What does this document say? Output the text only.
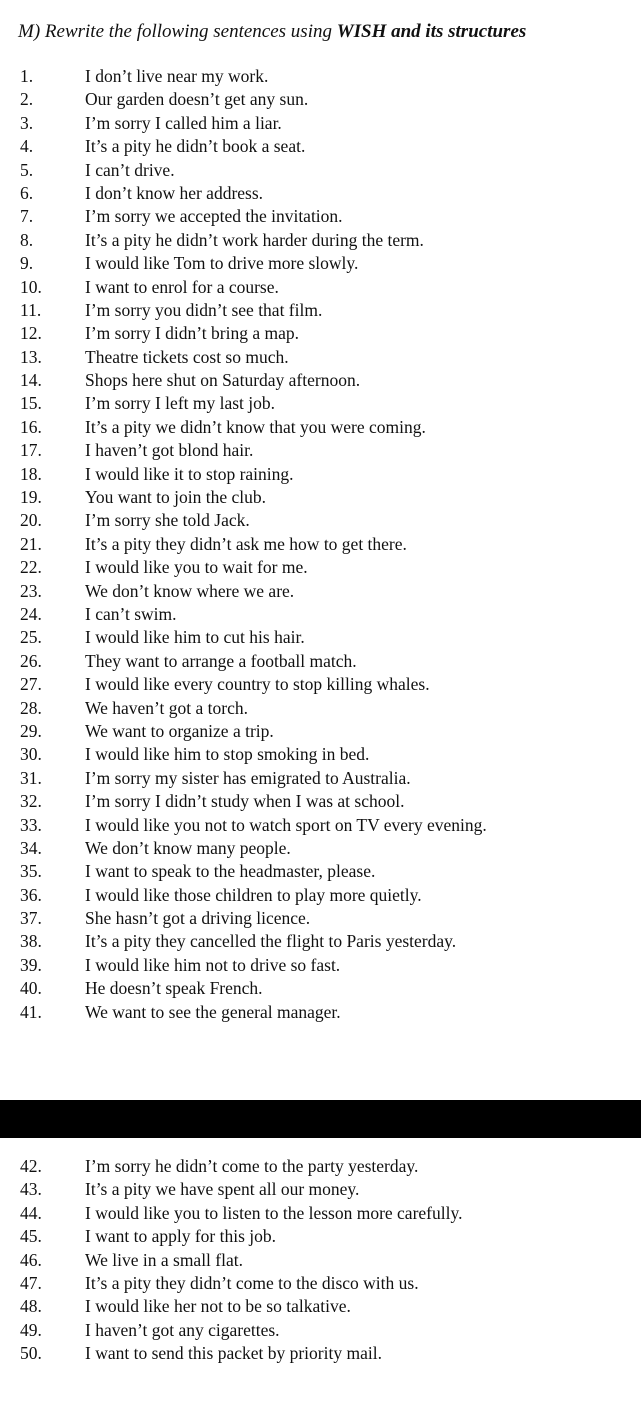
M) Rewrite the following sentences using WISH and its structures
1.	I don’t live near my work.
2.	Our garden doesn’t get any sun.
3.	I’m sorry I called him a liar.
4.	It’s a pity he didn’t book a seat.
5.	I can’t drive.
6.	I don’t know her address.
7.	I’m sorry we accepted the invitation.
8.	It’s a pity he didn’t work harder during the term.
9.	I would like Tom to drive more slowly.
10.	I want to enrol for a course.
11.	I’m sorry you didn’t see that film.
12.	I’m sorry I didn’t bring a map.
13.	Theatre tickets cost so much.
14.	Shops here shut on Saturday afternoon.
15.	I’m sorry I left my last job.
16.	It’s a pity we didn’t know that you were coming.
17.	I haven’t got blond hair.
18.	I would like it to stop raining.
19.	You want to join the club.
20.	I’m sorry she told Jack.
21.	It’s a pity they didn’t ask me how to get there.
22.	I would like you to wait for me.
23.	We don’t know where we are.
24.	I can’t swim.
25.	I would like him to cut his hair.
26.	They want to arrange a football match.
27.	I would like every country to stop killing whales.
28.	We haven’t got a torch.
29.	We want to organize a trip.
30.	I would like him to stop smoking in bed.
31.	I’m sorry my sister has emigrated to Australia.
32.	I’m sorry I didn’t study when I was at school.
33.	I would like you not to watch sport on TV every evening.
34.	We don’t know many people.
35.	I want to speak to the headmaster, please.
36.	I would like those children to play more quietly.
37.	She hasn’t got a driving licence.
38.	It’s a pity they cancelled the flight to Paris yesterday.
39.	I would like him not to drive so fast.
40.	He doesn’t speak French.
41.	We want to see the general manager.
42.	I’m sorry he didn’t come to the party yesterday.
43.	It’s a pity we have spent all our money.
44.	I would like you to listen to the lesson more carefully.
45.	I want to apply for this job.
46.	We live in a small flat.
47.	It’s a pity they didn’t come to the disco with us.
48.	I would like her not to be so talkative.
49.	I haven’t got any cigarettes.
50.	I want to send this packet by priority mail.
